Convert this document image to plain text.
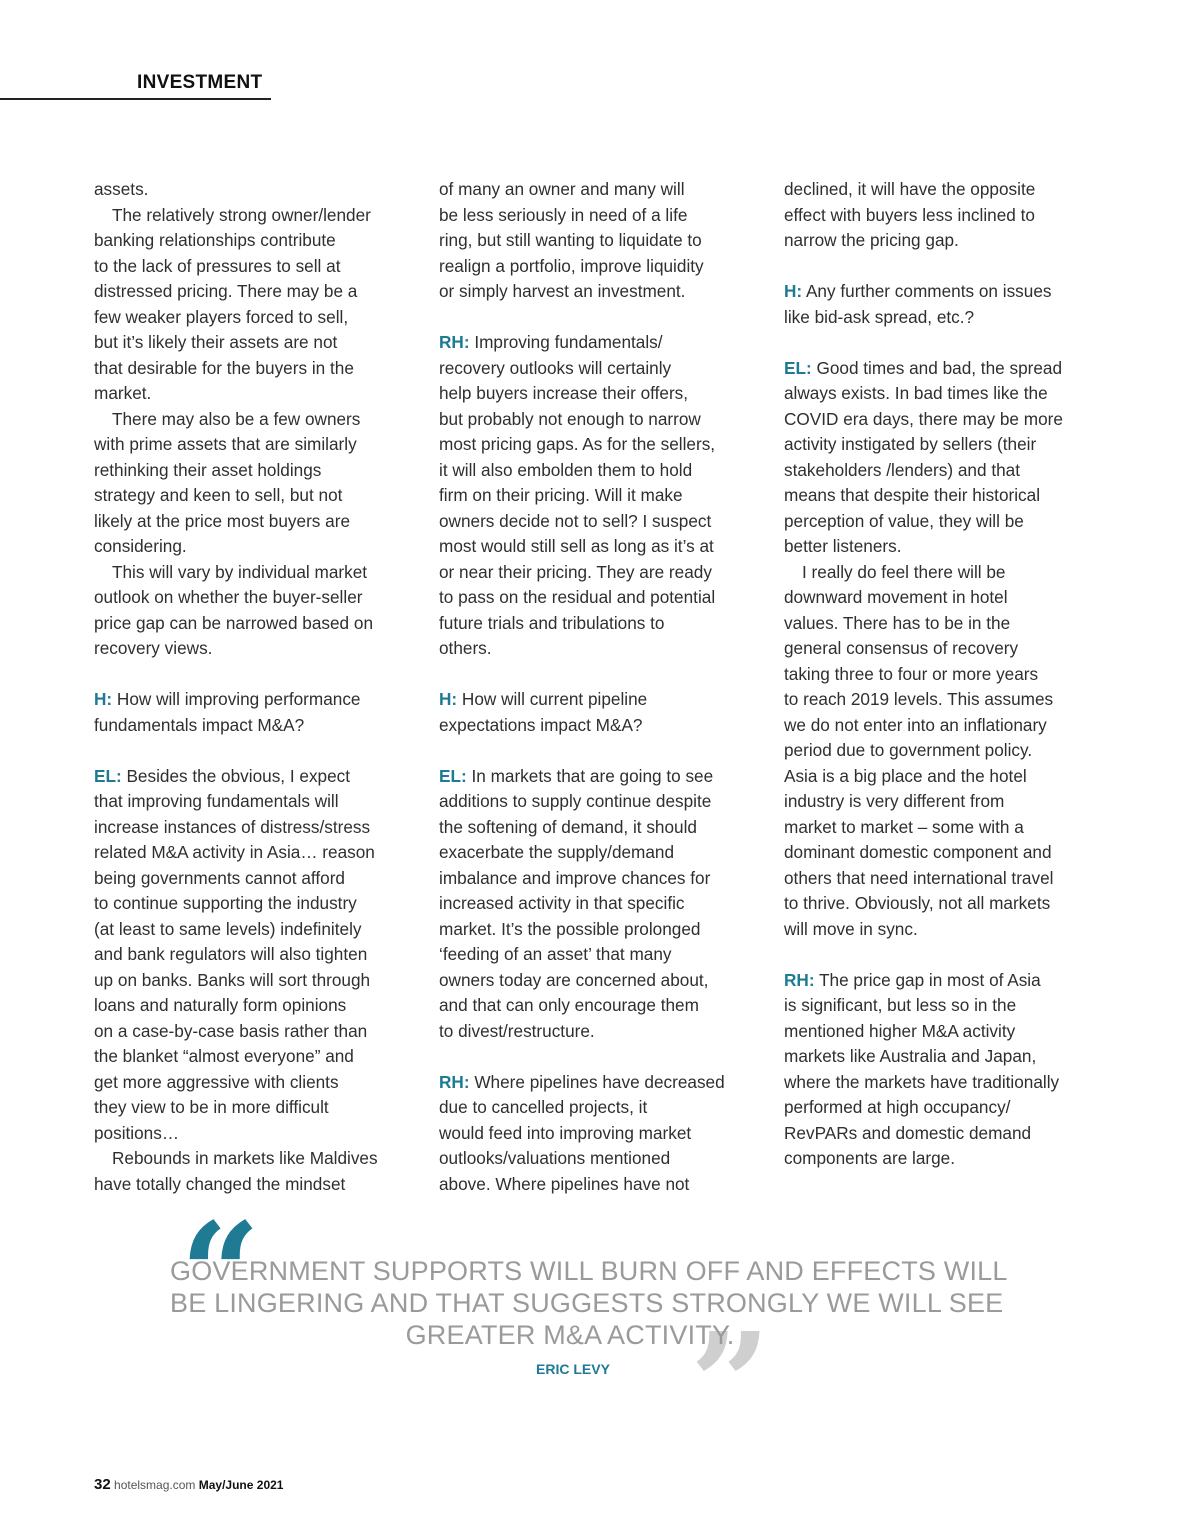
INVESTMENT

assets.

The relatively strong owner/lender

banking relationships contribute

to the lack of pressures to sell at

distressed pricing. There may be a

few weaker players forced to sell,

but it’s likely their assets are not

that desirable for the buyers in the

market.

There may also be a few owners

with prime assets that are similarly

rethinking their asset holdings

strategy and keen to sell, but not

likely at the price most buyers are

considering.

This will vary by individual market

outlook on whether the buyer-seller

price gap can be narrowed based on

recovery views.

H: How will improving performance

fundamentals impact M&A?

EL: Besides the obvious, I expect

that improving fundamentals will

increase instances of distress/stress

related M&A activity in Asia… reason

being governments cannot afford

to continue supporting the industry

(at least to same levels) indefinitely

and bank regulators will also tighten

up on banks. Banks will sort through

loans and naturally form opinions

on a case-by-case basis rather than

the blanket “almost everyone” and

get more aggressive with clients

they view to be in more difficult

positions…

Rebounds in markets like Maldives

have totally changed the mindset

of many an owner and many will

be less seriously in need of a life

ring, but still wanting to liquidate to

realign a portfolio, improve liquidity

or simply harvest an investment.

RH: Improving fundamentals/

recovery outlooks will certainly

help buyers increase their offers,

but probably not enough to narrow

most pricing gaps. As for the sellers,

it will also embolden them to hold

firm on their pricing. Will it make

owners decide not to sell? I suspect

most would still sell as long as it’s at

or near their pricing. They are ready

to pass on the residual and potential

future trials and tribulations to

others.

H: How will current pipeline

expectations impact M&A?

EL: In markets that are going to see

additions to supply continue despite

the softening of demand, it should

exacerbate the supply/demand

imbalance and improve chances for

increased activity in that specific

market. It’s the possible prolonged

‘feeding of an asset’ that many

owners today are concerned about,

and that can only encourage them

to divest/restructure.

RH: Where pipelines have decreased

due to cancelled projects, it

would feed into improving market

outlooks/valuations mentioned

above. Where pipelines have not

declined, it will have the opposite

effect with buyers less inclined to

narrow the pricing gap.

H: Any further comments on issues

like bid-ask spread, etc.?

EL: Good times and bad, the spread

always exists. In bad times like the

COVID era days, there may be more

activity instigated by sellers (their

stakeholders /lenders) and that

means that despite their historical

perception of value, they will be

better listeners.

I really do feel there will be

downward movement in hotel

values. There has to be in the

general consensus of recovery

taking three to four or more years

to reach 2019 levels. This assumes

we do not enter into an inflationary

period due to government policy.

Asia is a big place and the hotel

industry is very different from

market to market – some with a

dominant domestic component and

others that need international travel

to thrive. Obviously, not all markets

will move in sync.

RH: The price gap in most of Asia

is significant, but less so in the

mentioned higher M&A activity

markets like Australia and Japan,

where the markets have traditionally

performed at high occupancy/

RevPARs and domestic demand

components are large.

“
”

GOVERNMENT SUPPORTS WILL BURN OFF AND EFFECTS WILL
BE LINGERING AND THAT SUGGESTS STRONGLY WE WILL SEE
GREATER M&A ACTIVITY.

ERIC LEVY

32 hotelsmag.com May/June 2021
